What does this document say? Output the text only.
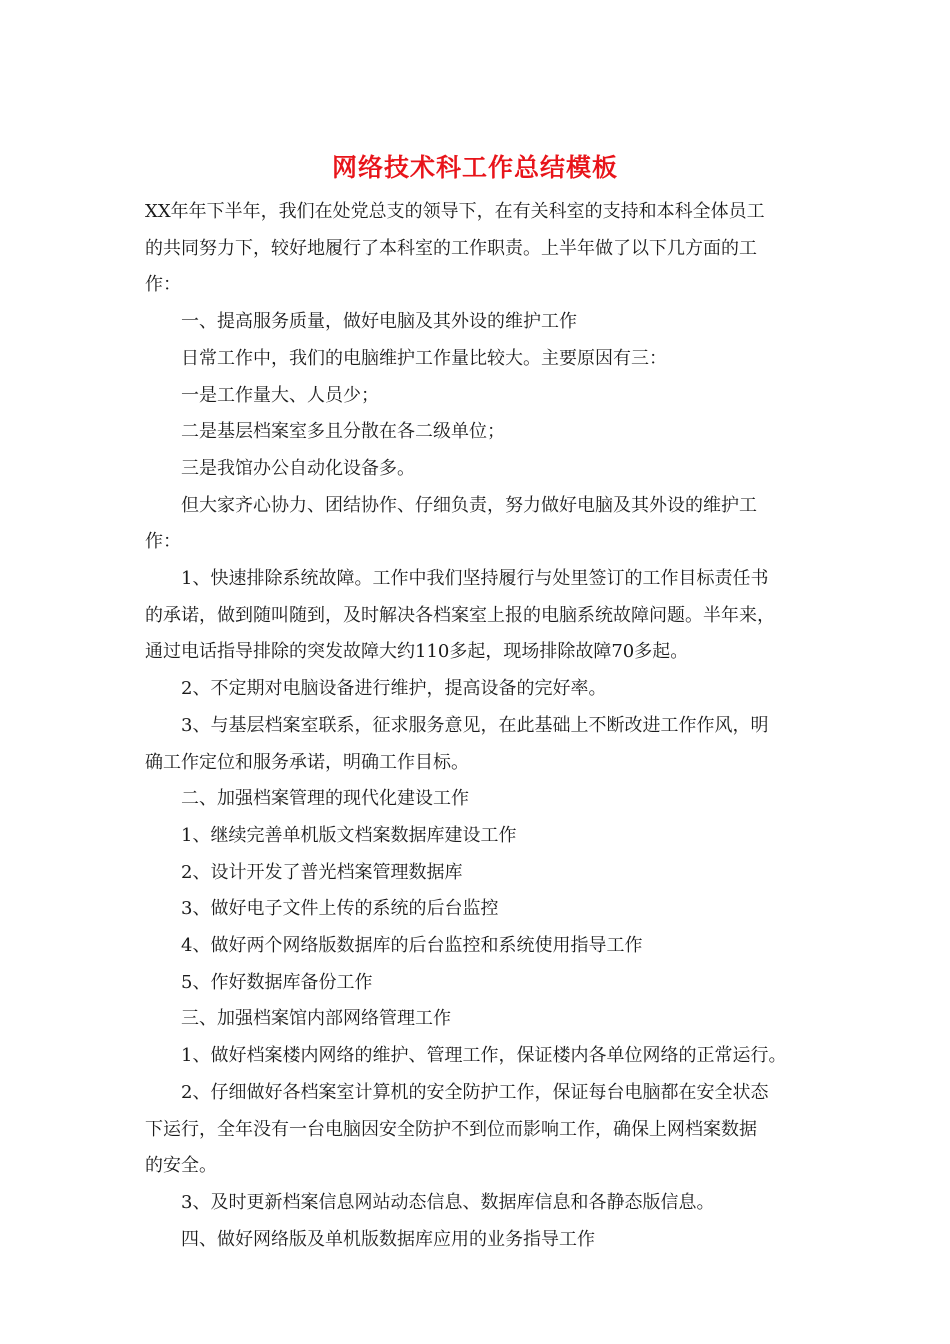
网络技术科工作总结模板

XX年年下半年，我们在处党总支的领导下，在有关科室的支持和本科全体员工

的共同努力下，较好地履行了本科室的工作职责。上半年做了以下几方面的工

作：

一、提高服务质量，做好电脑及其外设的维护工作

日常工作中，我们的电脑维护工作量比较大。主要原因有三：

一是工作量大、人员少；

二是基层档案室多且分散在各二级单位；

三是我馆办公自动化设备多。

但大家齐心协力、团结协作、仔细负责，努力做好电脑及其外设的维护工

作：

1、快速排除系统故障。工作中我们坚持履行与处里签订的工作目标责任书

的承诺，做到随叫随到，及时解决各档案室上报的电脑系统故障问题。半年来，

通过电话指导排除的突发故障大约110多起，现场排除故障70多起。

2、不定期对电脑设备进行维护，提高设备的完好率。

3、与基层档案室联系，征求服务意见，在此基础上不断改进工作作风，明

确工作定位和服务承诺，明确工作目标。

二、加强档案管理的现代化建设工作

1、继续完善单机版文档案数据库建设工作

2、设计开发了普光档案管理数据库

3、做好电子文件上传的系统的后台监控

4、做好两个网络版数据库的后台监控和系统使用指导工作

5、作好数据库备份工作

三、加强档案馆内部网络管理工作

1、做好档案楼内网络的维护、管理工作，保证楼内各单位网络的正常运行。

2、仔细做好各档案室计算机的安全防护工作，保证每台电脑都在安全状态

下运行，全年没有一台电脑因安全防护不到位而影响工作，确保上网档案数据

的安全。

3、及时更新档案信息网站动态信息、数据库信息和各静态版信息。

四、做好网络版及单机版数据库应用的业务指导工作
